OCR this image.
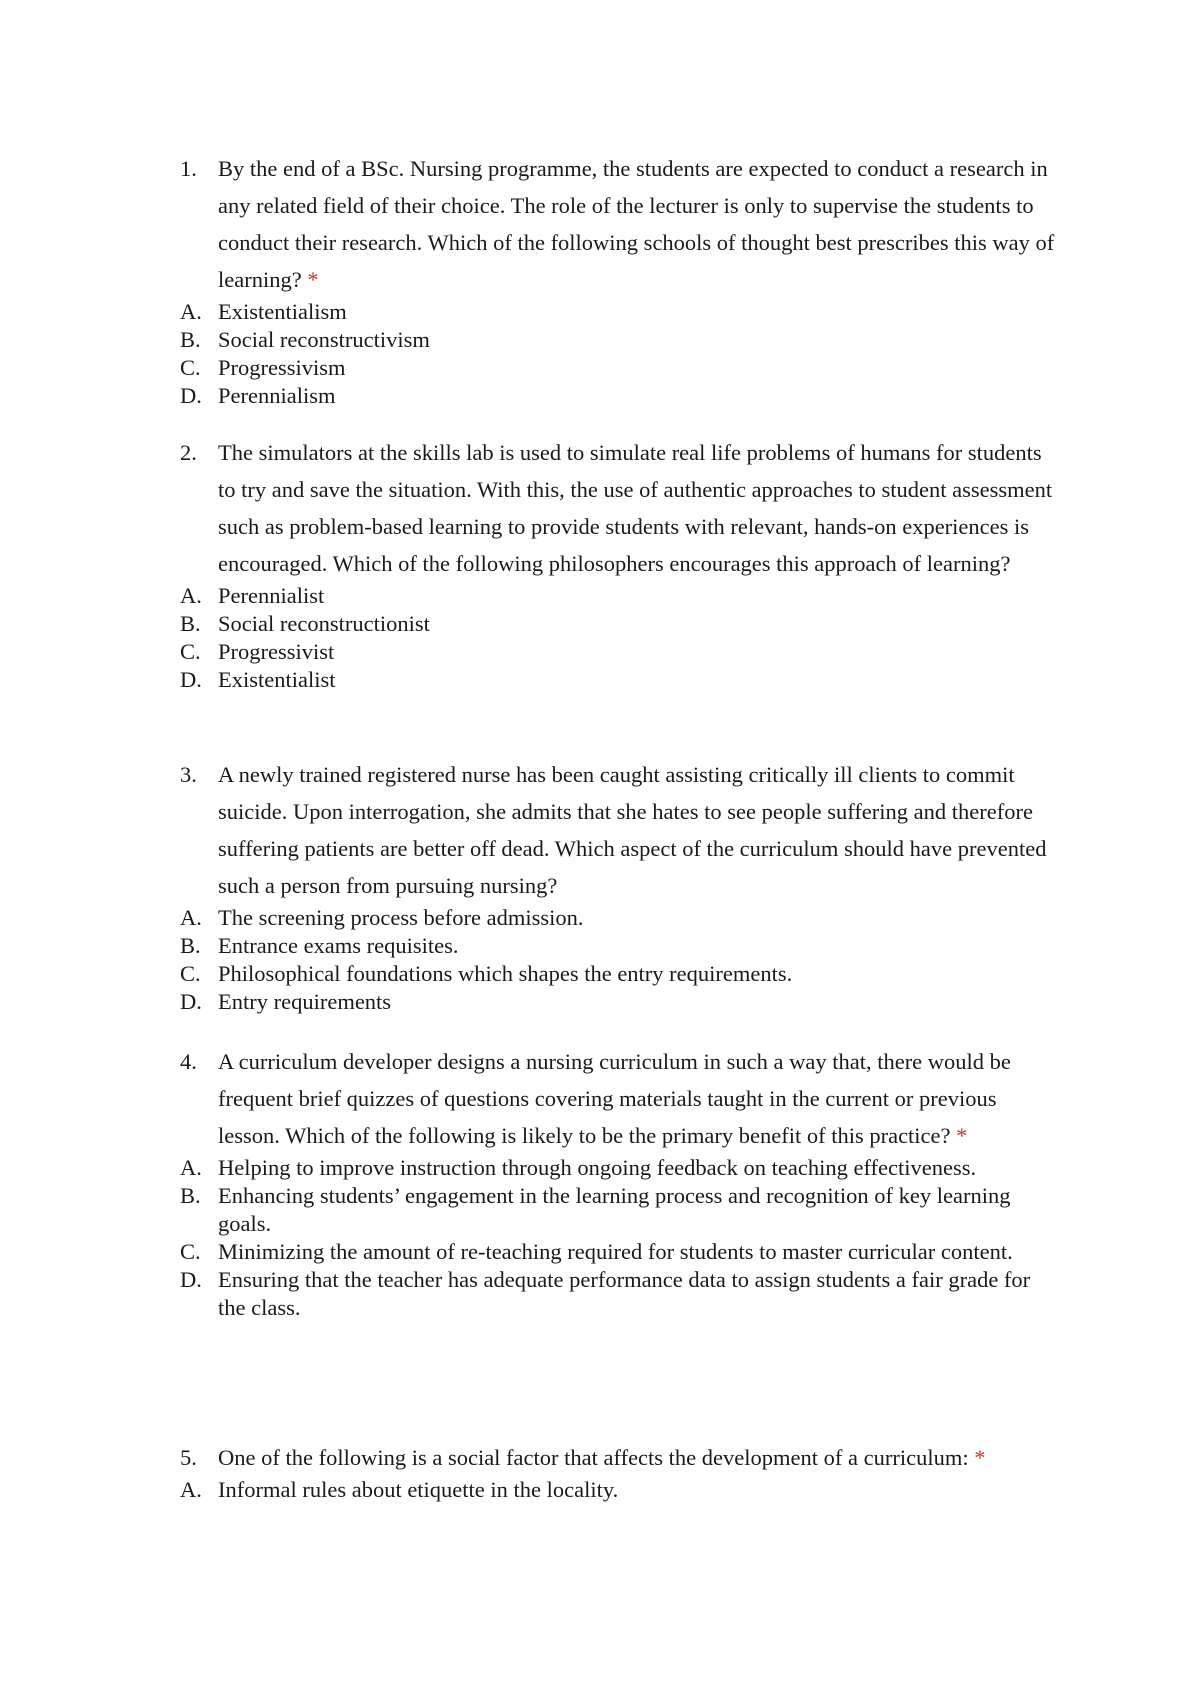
1. By the end of a BSc. Nursing programme, the students are expected to conduct a research in any related field of their choice. The role of the lecturer is only to supervise the students to conduct their research. Which of the following schools of thought best prescribes this way of learning? *
A. Existentialism
B. Social reconstructivism
C. Progressivism
D. Perennialism
2. The simulators at the skills lab is used to simulate real life problems of humans for students to try and save the situation. With this, the use of authentic approaches to student assessment such as problem-based learning to provide students with relevant, hands-on experiences is encouraged. Which of the following philosophers encourages this approach of learning?
A. Perennialist
B. Social reconstructionist
C. Progressivist
D. Existentialist
3. A newly trained registered nurse has been caught assisting critically ill clients to commit suicide. Upon interrogation, she admits that she hates to see people suffering and therefore suffering patients are better off dead. Which aspect of the curriculum should have prevented such a person from pursuing nursing?
A. The screening process before admission.
B. Entrance exams requisites.
C. Philosophical foundations which shapes the entry requirements.
D. Entry requirements
4. A curriculum developer designs a nursing curriculum in such a way that, there would be frequent brief quizzes of questions covering materials taught in the current or previous lesson. Which of the following is likely to be the primary benefit of this practice? *
A. Helping to improve instruction through ongoing feedback on teaching effectiveness.
B. Enhancing students’ engagement in the learning process and recognition of key learning goals.
C. Minimizing the amount of re-teaching required for students to master curricular content.
D. Ensuring that the teacher has adequate performance data to assign students a fair grade for the class.
5. One of the following is a social factor that affects the development of a curriculum: *
A. Informal rules about etiquette in the locality.
